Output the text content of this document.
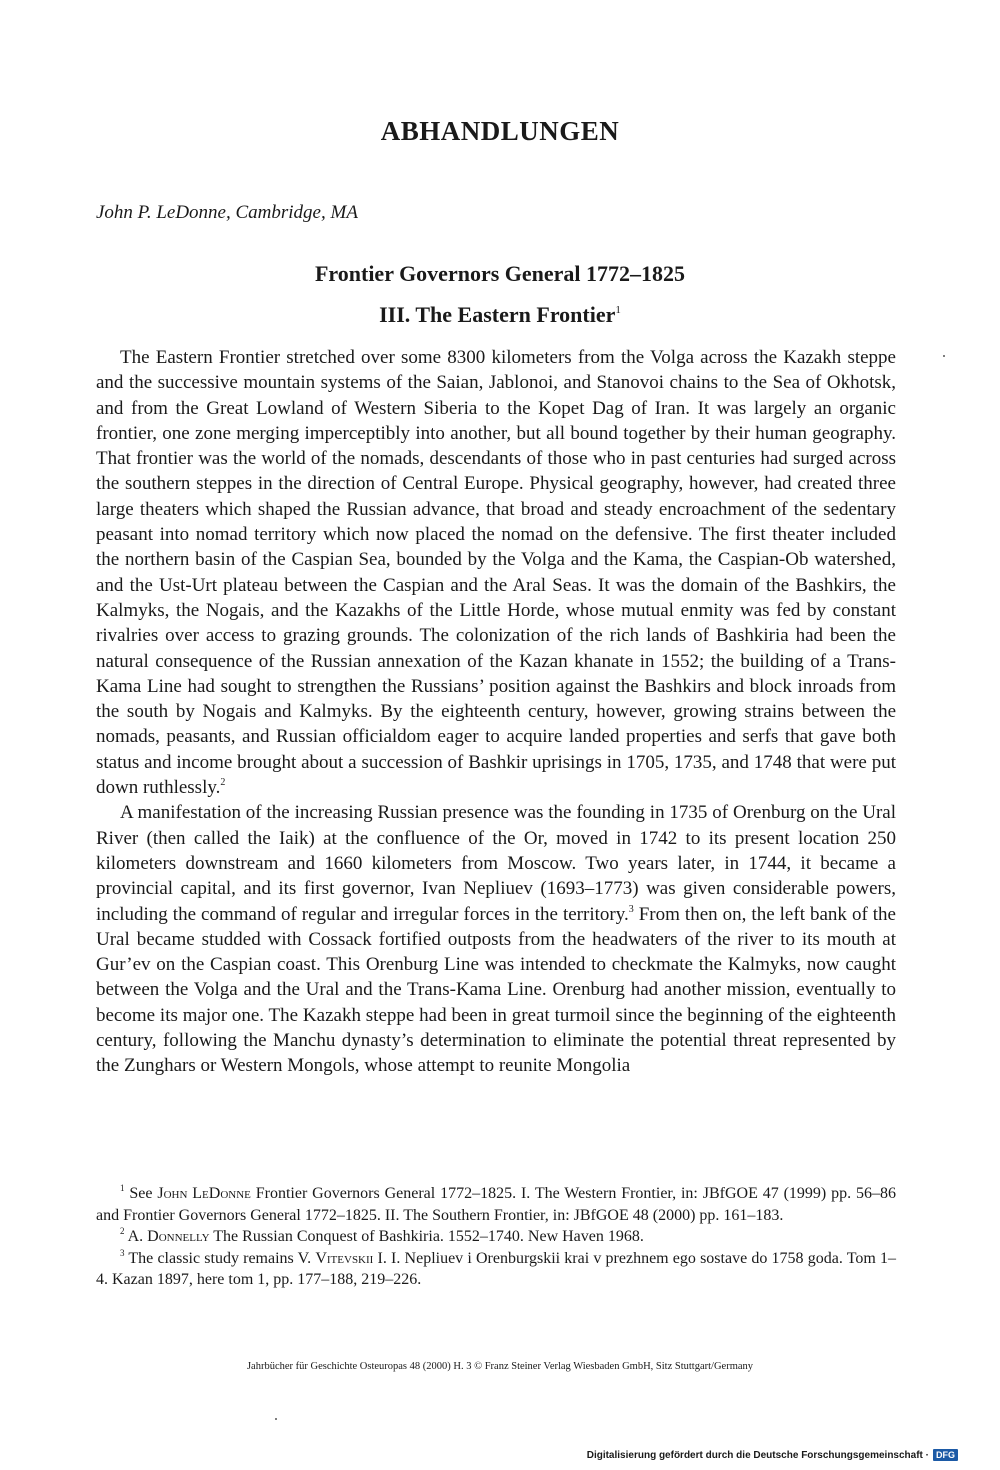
ABHANDLUNGEN
John P. LeDonne, Cambridge, MA
Frontier Governors General 1772–1825
III. The Eastern Frontier$^1$

The Eastern Frontier stretched over some 8300 kilometers from the Volga across the Kazakh steppe and the successive mountain systems of the Saian, Jablonoi, and Stanovoi chains to the Sea of Okhotsk, and from the Great Lowland of Western Siberia to the Kopet Dag of Iran. It was largely an organic frontier, one zone merging imperceptibly into another, but all bound together by their human geography. That frontier was the world of the nomads, descendants of those who in past centuries had surged across the southern steppes in the direction of Central Europe. Physical geography, however, had created three large theaters which shaped the Russian advance, that broad and steady encroachment of the sedentary peasant into nomad territory which now placed the nomad on the defensive. The first theater included the northern basin of the Caspian Sea, bounded by the Volga and the Kama, the Caspian-Ob watershed, and the Ust-Urt plateau between the Caspian and the Aral Seas. It was the domain of the Bashkirs, the Kalmyks, the Nogais, and the Kazakhs of the Little Horde, whose mutual enmity was fed by constant rivalries over access to grazing grounds. The colonization of the rich lands of Bashkiria had been the natural consequence of the Russian annexation of the Kazan khanate in 1552; the building of a Trans-Kama Line had sought to strengthen the Russians’ position against the Bashkirs and block inroads from the south by Nogais and Kalmyks. By the eighteenth century, however, growing strains between the nomads, peasants, and Russian officialdom eager to acquire landed properties and serfs that gave both status and income brought about a succession of Bashkir uprisings in 1705, 1735, and 1748 that were put down ruthlessly.$^2$

A manifestation of the increasing Russian presence was the founding in 1735 of Orenburg on the Ural River (then called the Iaik) at the confluence of the Or, moved in 1742 to its present location 250 kilometers downstream and 1660 kilometers from Moscow. Two years later, in 1744, it became a provincial capital, and its first governor, Ivan Nepliuev (1693–1773) was given considerable powers, including the command of regular and irregular forces in the territory.$^3$ From then on, the left bank of the Ural became studded with Cossack fortified outposts from the headwaters of the river to its mouth at Gur’ev on the Caspian coast. This Orenburg Line was intended to checkmate the Kalmyks, now caught between the Volga and the Ural and the Trans-Kama Line. Orenburg had another mission, eventually to become its major one. The Kazakh steppe had been in great turmoil since the beginning of the eighteenth century, following the Manchu dynasty’s determination to eliminate the potential threat represented by the Zunghars or Western Mongols, whose attempt to reunite Mongolia

$^1$ See John LeDonne Frontier Governors General 1772–1825. I. The Western Frontier, in: JBfGOE 47 (1999) pp. 56–86 and Frontier Governors General 1772–1825. II. The Southern Frontier, in: JBfGOE 48 (2000) pp. 161–183.

$^2$ A. Donnelly The Russian Conquest of Bashkiria. 1552–1740. New Haven 1968.

$^3$ The classic study remains V. Vitevskii I. I. Nepliuev i Orenburgskii krai v prezhnem ego sostave do 1758 goda. Tom 1–4. Kazan 1897, here tom 1, pp. 177–188, 219–226.

Jahrbücher für Geschichte Osteuropas 48 (2000) H. 3 © Franz Steiner Verlag Wiesbaden GmbH, Sitz Stuttgart/Germany
Digitalisierung gefördert durch die Deutsche Forschungsgemeinschaft · DFG
